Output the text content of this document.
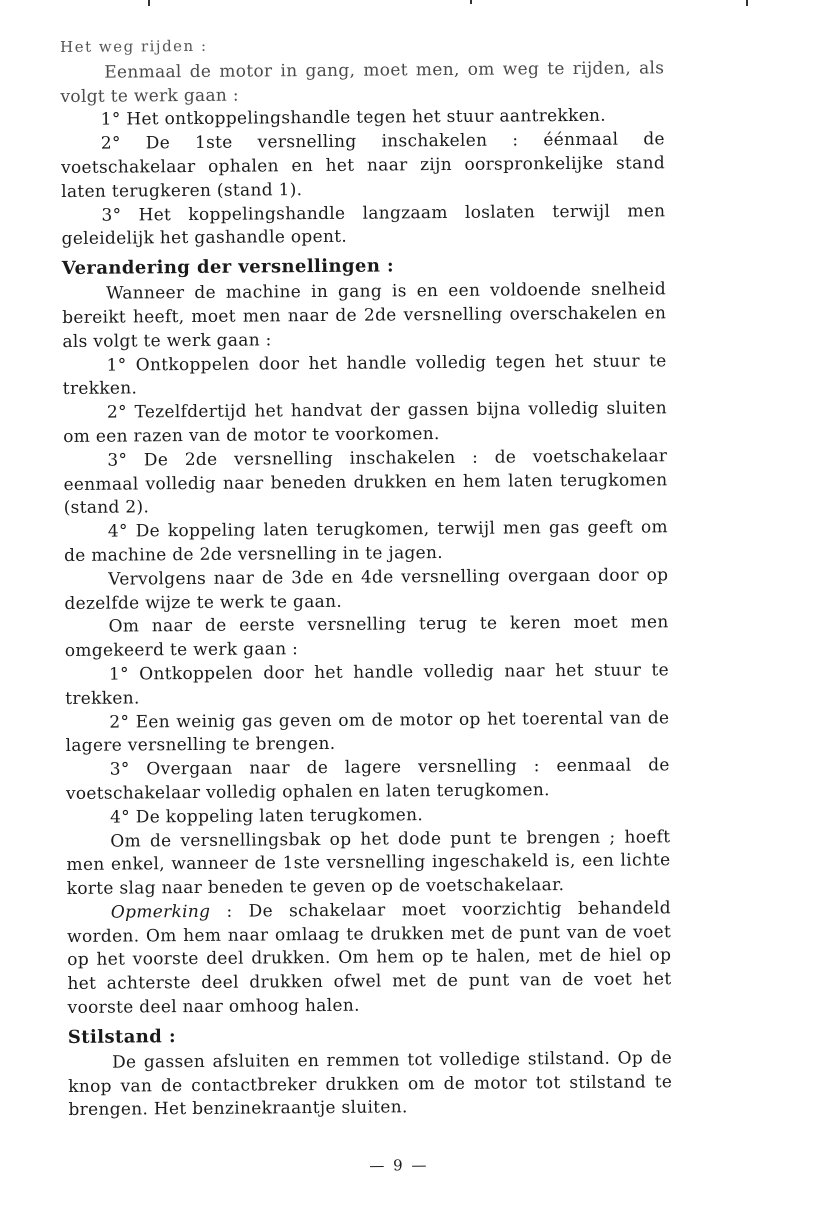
Het weg rijden :

Eenmaal de motor in gang, moet men, om weg te rijden, als volgt te werk gaan :

1° Het ontkoppelingshandle tegen het stuur aantrekken.

2° De 1ste versnelling inschakelen : éénmaal de voetschakelaar ophalen en het naar zijn oorspronkelijke stand laten terugkeren (stand 1).

3° Het koppelingshandle langzaam loslaten terwijl men geleidelijk het gashandle opent.

Verandering der versnellingen :

Wanneer de machine in gang is en een voldoende snelheid bereikt heeft, moet men naar de 2de versnelling overschakelen en als volgt te werk gaan :

1° Ontkoppelen door het handle volledig tegen het stuur te trekken.

2° Tezelfdertijd het handvat der gassen bijna volledig sluiten om een razen van de motor te voorkomen.

3° De 2de versnelling inschakelen : de voetschakelaar eenmaal volledig naar beneden drukken en hem laten terugkomen (stand 2).

4° De koppeling laten terugkomen, terwijl men gas geeft om de machine de 2de versnelling in te jagen.

Vervolgens naar de 3de en 4de versnelling overgaan door op dezelfde wijze te werk te gaan.

Om naar de eerste versnelling terug te keren moet men omgekeerd te werk gaan :

1° Ontkoppelen door het handle volledig naar het stuur te trekken.

2° Een weinig gas geven om de motor op het toerental van de lagere versnelling te brengen.

3° Overgaan naar de lagere versnelling : eenmaal de voetschakelaar volledig ophalen en laten terugkomen.

4° De koppeling laten terugkomen.

Om de versnellingsbak op het dode punt te brengen ; hoeft men enkel, wanneer de 1ste versnelling ingeschakeld is, een lichte korte slag naar beneden te geven op de voetschakelaar.

Opmerking : De schakelaar moet voorzichtig behandeld worden. Om hem naar omlaag te drukken met de punt van de voet op het voorste deel drukken. Om hem op te halen, met de hiel op het achterste deel drukken ofwel met de punt van de voet het voorste deel naar omhoog halen.

Stilstand :

De gassen afsluiten en remmen tot volledige stilstand. Op de knop van de contactbreker drukken om de motor tot stilstand te brengen. Het benzinekraantje sluiten.

— 9 —
